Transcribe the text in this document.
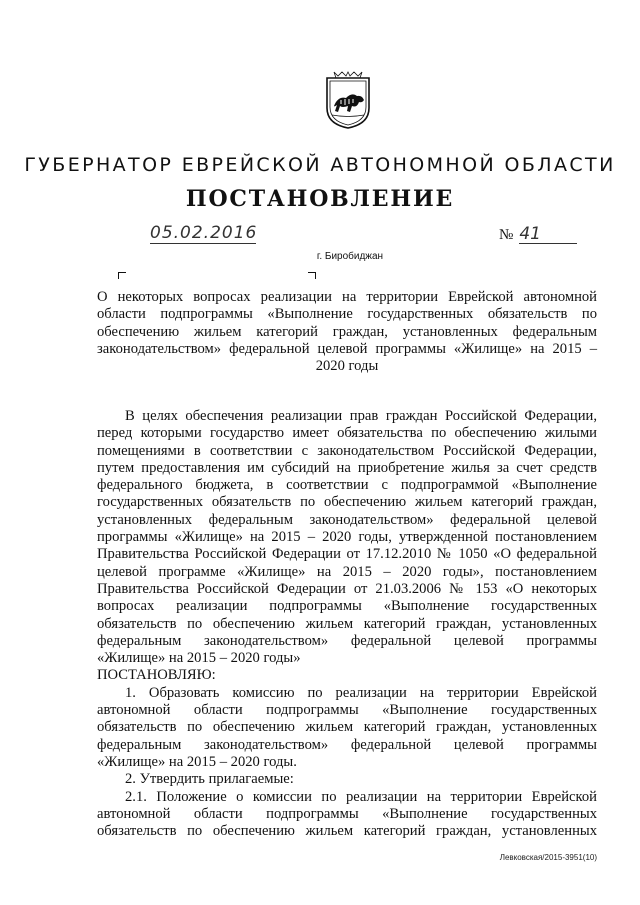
ГУБЕРНАТОР ЕВРЕЙСКОЙ АВТОНОМНОЙ ОБЛАСТИ
ПОСТАНОВЛЕНИЕ
05.02.2016	№ 41
г. Биробиджан
О некоторых вопросах реализации на территории Еврейской автономной
области подпрограммы «Выполнение государственных обязательств по
обеспечению жильем категорий граждан, установленных федеральным
законодательством» федеральной целевой программы «Жилище» на 2015 –
2020 годы
В целях обеспечения реализации прав граждан Российской Федерации,
перед которыми государство имеет обязательства по обеспечению жилыми
помещениями в соответствии с законодательством Российской Федерации,
путем предоставления им субсидий на приобретение жилья за счет средств
федерального бюджета, в соответствии с подпрограммой «Выполнение
государственных обязательств по обеспечению жильем категорий граждан,
установленных федеральным законодательством» федеральной целевой
программы «Жилище» на 2015 – 2020 годы, утвержденной постановлением
Правительства Российской Федерации от 17.12.2010 № 1050 «О федеральной
целевой программе «Жилище» на 2015 – 2020 годы», постановлением
Правительства Российской Федерации от 21.03.2006 № 153 «О некоторых
вопросах реализации подпрограммы «Выполнение государственных
обязательств по обеспечению жильем категорий граждан, установленных
федеральным законодательством» федеральной целевой программы
«Жилище» на 2015 – 2020 годы»
ПОСТАНОВЛЯЮ:
1. Образовать комиссию по реализации на территории Еврейской
автономной области подпрограммы «Выполнение государственных
обязательств по обеспечению жильем категорий граждан, установленных
федеральным законодательством» федеральной целевой программы
«Жилище» на 2015 – 2020 годы.
2. Утвердить прилагаемые:
2.1. Положение о комиссии по реализации на территории Еврейской
автономной области подпрограммы «Выполнение государственных
обязательств по обеспечению жильем категорий граждан, установленных
Левковская/2015-3951(10)
